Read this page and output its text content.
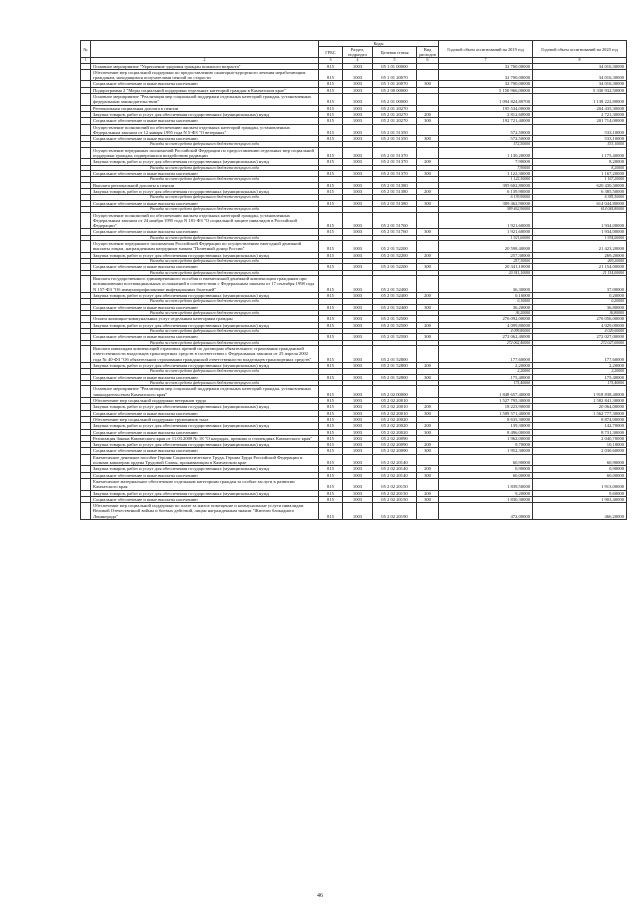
№		Коды				Годовой объем ассигнований на 2019 год	Годовой объем ассигнований на 2020 год
		ГРБС	Раздел, подраздел	Целевая статья	Вид расходов		
1	2	3	4	5	6	7	8
	Основное мероприятие "Укрепление здоровья граждан пожилого возраста"	815	1003	05 1 01 00000		32 700,00000	34 016,30000
	Обеспечение мер социальной поддержки по предоставлению санаторно-курортного лечения неработающим гражданам, находящимся получателями пенсий по старости	815	1003	05 1 01 20070		32 700,00000	34 016,30000
	Социальное обеспечение и иные выплаты населению	815	1003	05 1 01 20070	300	32 700,00000	34 016,30000
	Подпрограмма 2 "Меры социальной поддержки отдельных категорий граждан в Камчатском крае"	815	1003	05 2 00 00000		5 150 966,00000	5 330 932,50000
	Основное мероприятие "Реализация мер социальной поддержки отдельных категорий граждан, установленных федеральным законодательством"	815	1003	05 2 01 00000		1 094 824,80700	1 138 222,80000
	Региональная социальная доплата к пенсии	815	1003	05 2 01 20270		195 534,00000	204 435,30000
	Закупка товаров, работ и услуг для обеспечения государственных (муниципальных) нужд	815	1003	05 2 01 20270	200	2 812,60000	2 721,30000
	Социальное обеспечение и иные выплаты населению	815	1003	05 2 01 20270	300	192 721,40000	201 714,00000
	Осуществление полномочий по обеспечению жильем отдельных категорий граждан, установленных Федеральным законом от 12 января 1995 года N 5-ФЗ "О ветеранах"	815	1003	05 2 01 51350		572,50000	533,10000
	Социальное обеспечение и иные выплаты населению	815	1003	05 2 01 51350	300	572,50000	533,10000
	Расходы за счет средств федерального бюджета текущего года					572,50000	533,10000
	Осуществление переданных полномочий Российской Федерации по предоставлению отдельных мер социальной поддержки граждан, подвергшихся воздействию радиации	815	1003	05 2 01 51370		1 130,20000	1 175,40000
	Закупка товаров, работ и услуг для обеспечения государственных (муниципальных) нужд	815	1003	05 2 01 51370	200	7,90000	8,20000
	Расходы за счет средств федерального бюджета текущего года					7,90000	8,20000
	Социальное обеспечение и иные выплаты населению	815	1003	05 2 01 51370	300	1 122,30000	1 167,20000
	Расходы за счет средств федерального бюджета текущего года					1 122,30000	1 167,20000
	Выплата региональной доплаты к пенсии	815	1003	05 2 01 51380		395 602,80000	620 430,30000
	Закупка товаров, работ и услуг для обеспечения государственных (муниципальных) нужд	815	1003	05 2 01 51380	200	6 139,90000	6 385,50000
	Расходы за счет средств федерального бюджета текущего года					6 139,90000	6 385,50000
	Социальное обеспечение и иные выплаты населению	815	1003	05 2 01 51380	300	389 462,90000	614 044,80000
	Расходы за счет средств федерального бюджета текущего года					389 462,90000	614 044,80000
	Осуществление полномочий по обеспечению жильем отдельных категорий граждан, установленных Федеральным законом от 24 ноября 1995 года N 181-ФЗ "О социальной защите инвалидов в Российской Федерации"	815	1003	05 2 01 51760		1 921,60000	1 934,00000
	Социальное обеспечение и иные выплаты населению	815	1003	05 2 01 51760	300	1 921,60000	1 934,00000
	Расходы за счет средств федерального бюджета текущего года					1 921,60000	1 934,00000
	Осуществление переданного полномочия Российской Федерации по осуществлению ежегодной денежной выплаты лицам, награжденным нагрудным знаком "Почетный донор России"	815	1003	05 2 01 52200		20 598,40000	21 423,20000
	Закупка товаров, работ и услуг для обеспечения государственных (муниципальных) нужд	815	1003	05 2 01 52200	200	257,30000	269,20000
	Расходы за счет средств федерального бюджета текущего года					257,30000	269,20000
	Социальное обеспечение и иные выплаты населению	815	1003	05 2 01 52200	300	20 341,10000	21 154,00000
	Расходы за счет средств федерального бюджета текущего года					20 341,10000	21 154,00000
	Выплата государственного единовременного пособия и ежемесячной денежной компенсации гражданам при возникновении поствакцинальных осложнений в соответствии с Федеральным законом от 17 сентября 1998 года N 157-ФЗ "Об иммунопрофилактике инфекционных болезней"	815	1003	05 2 01 52400		36,30000	37,00000
	Закупка товаров, работ и услуг для обеспечения государственных (муниципальных) нужд	815	1003	05 2 01 52400	200	0,10000	0,20000
	Расходы за счет средств федерального бюджета текущего года					0,10000	0,20000
	Социальное обеспечение и иные выплаты населению	815	1003	05 2 01 52400	300	36,20000	36,80000
	Расходы за счет средств федерального бюджета текущего года					36,20000	36,80000
	Оплата жилищно-коммунальных услуг отдельным категориям граждан	815	1003	05 2 01 52500		276 092,00000	276 056,00000
	Закупка товаров, работ и услуг для обеспечения государственных (муниципальных) нужд	815	1003	05 2 01 52500	200	4 099,80000	4 029,00000
	Расходы за счет средств федерального бюджета текущего года					4 099,80000	4 029,00000
	Социальное обеспечение и иные выплаты населению	815	1003	05 2 01 52500	300	272 062,40000	272 027,00000
	Расходы за счет средств федерального бюджета текущего года					272 062,40000	272 027,00000
	Выплата инвалидам компенсаций страховых премий по договорам обязательного страхования гражданской ответственности владельцев транспортных средств в соответствии с Федеральным законом от 25 апреля 2002 года № 40-ФЗ "Об обязательном страховании гражданской ответственности владельцев транспортных средств"	815	1003	05 2 01 52800		177,60000	177,60000
	Закупка товаров, работ и услуг для обеспечения государственных (муниципальных) нужд	815	1003	05 2 01 52800	200	2,20000	2,20000
	Расходы за счет средств федерального бюджета текущего года					2,20000	2,20000
	Социальное обеспечение и иные выплаты населению	815	1003	05 2 01 52800	300	175,40000	175,40000
	Расходы за счет средств федерального бюджета текущего года					175,40000	175,40000
	Основное мероприятие "Реализация мер социальной поддержки отдельных категорий граждан, установленных законодательством Камчатского края"	815	1003	05 2 02 00000		1 848 657,40000	1 918 838,40000
	Обеспечение мер социальной поддержки ветеранов труда	815	1003	05 2 02 20010		1 527 795,30000	1 582 841,30000
	Закупка товаров, работ и услуг для обеспечения государственных (муниципальных) нужд	815	1003	05 2 02 20010	200	18 223,90000	20 064,00000
	Социальное обеспечение и иные выплаты населению	815	1003	05 2 02 20010	300	1 509 571,40000	1 562 777,30000
	Обеспечение мер социальной поддержки тружеников тыла	815	1003	05 2 02 20020		8 635,30000	8 874,00000
	Закупка товаров, работ и услуг для обеспечения государственных (муниципальных) нужд	815	1003	05 2 02 20020	200	139,30000	142,70000
	Социальное обеспечение и иные выплаты населению	815	1003	05 2 02 20020	300	8 496,00000	8 731,30000
	Реализация Закона Камчатского края от 11.03.2008 № 18 "О наградах, премиях и стипендиях Камчатского края"	815	1003	05 2 02 20090		1 962,00000	2 040,70000
	Закупка товаров, работ и услуг для обеспечения государственных (муниципальных) нужд	815	1003	05 2 02 20090	200	9,70000	10,10000
	Социальное обеспечение и иные выплаты населению	815	1003	05 2 02 20090	300	1 952,30000	2 030,60000
	Ежемесячное денежное пособие Героям Социалистического Труда, Героям Труда Российской Федерации и полным кавалерам ордена Трудовой Славы, проживающим в Камчатском крае	815	1003	05 2 02 20140		60,90000	60,90000
	Закупка товаров, работ и услуг для обеспечения государственных (муниципальных) нужд	815	1003	05 2 02 20140	200	0,90000	0,90000
	Социальное обеспечение и иные выплаты населению	815	1003	05 2 02 20140	300	60,00000	60,00000
	Ежемесячное материальное обеспечение отдельным категориям граждан за особые заслуги в развитии Камчатского края	815	1003	05 2 02 20150		1 839,50000	1 913,00000
	Закупка товаров, работ и услуг для обеспечения государственных (муниципальных) нужд	815	1003	05 2 02 20150	200	9,20000	9,60000
	Социальное обеспечение и иные выплаты населению	815	1003	05 2 02 20150	300	1 830,30000	1 903,40000
	Обеспечение мер социальной поддержки по плате за жилое помещение и коммунальные услуги инвалидам Великой Отечественной войны и боевых действий, лицам награжденным знаком "Жителю блокадного Ленинграда"	815	1003	05 2 02 20190		472,00000	466,20000
46
